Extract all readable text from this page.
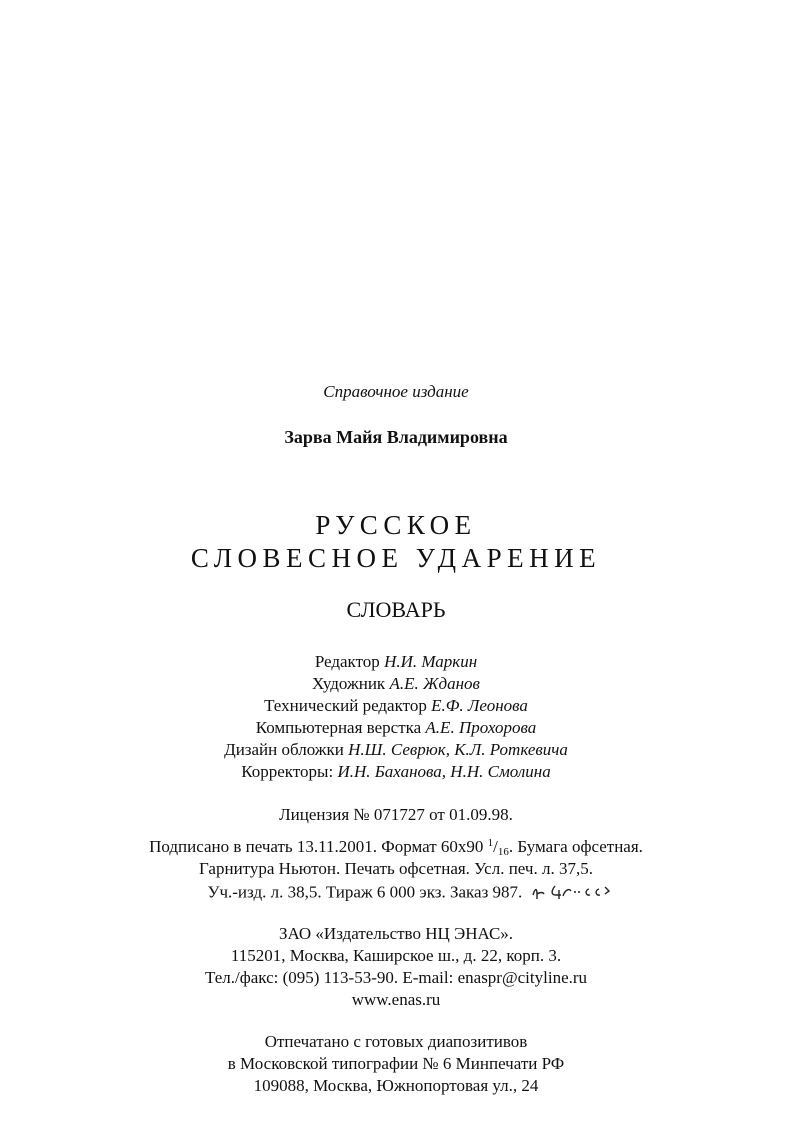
Справочное издание
Зарва Майя Владимировна
РУССКОЕ
СЛОВЕСНОЕ УДАРЕНИЕ
СЛОВАРЬ
Редактор Н.И. Маркин
Художник А.Е. Жданов
Технический редактор Е.Ф. Леонова
Компьютерная верстка А.Е. Прохорова
Дизайн обложки Н.Ш. Севрюк, К.Л. Роткевича
Корректоры: И.Н. Баханова, Н.Н. Смолина
Лицензия № 071727 от 01.09.98.
Подписано в печать 13.11.2001. Формат 60х90 $^1/_{16}$. Бумага офсетная.
Гарнитура Ньютон. Печать офсетная. Усл. печ. л. 37,5.
Уч.-изд. л. 38,5. Тираж 6 000 экз. Заказ 987.
ЗАО «Издательство НЦ ЭНАС».
115201, Москва, Каширское ш., д. 22, корп. 3.
Тел./факс: (095) 113-53-90. E-mail: enaspr@cityline.ru
www.enas.ru
Отпечатано с готовых диапозитивов
в Московской типографии № 6 Минпечати РФ
109088, Москва, Южнопортовая ул., 24
